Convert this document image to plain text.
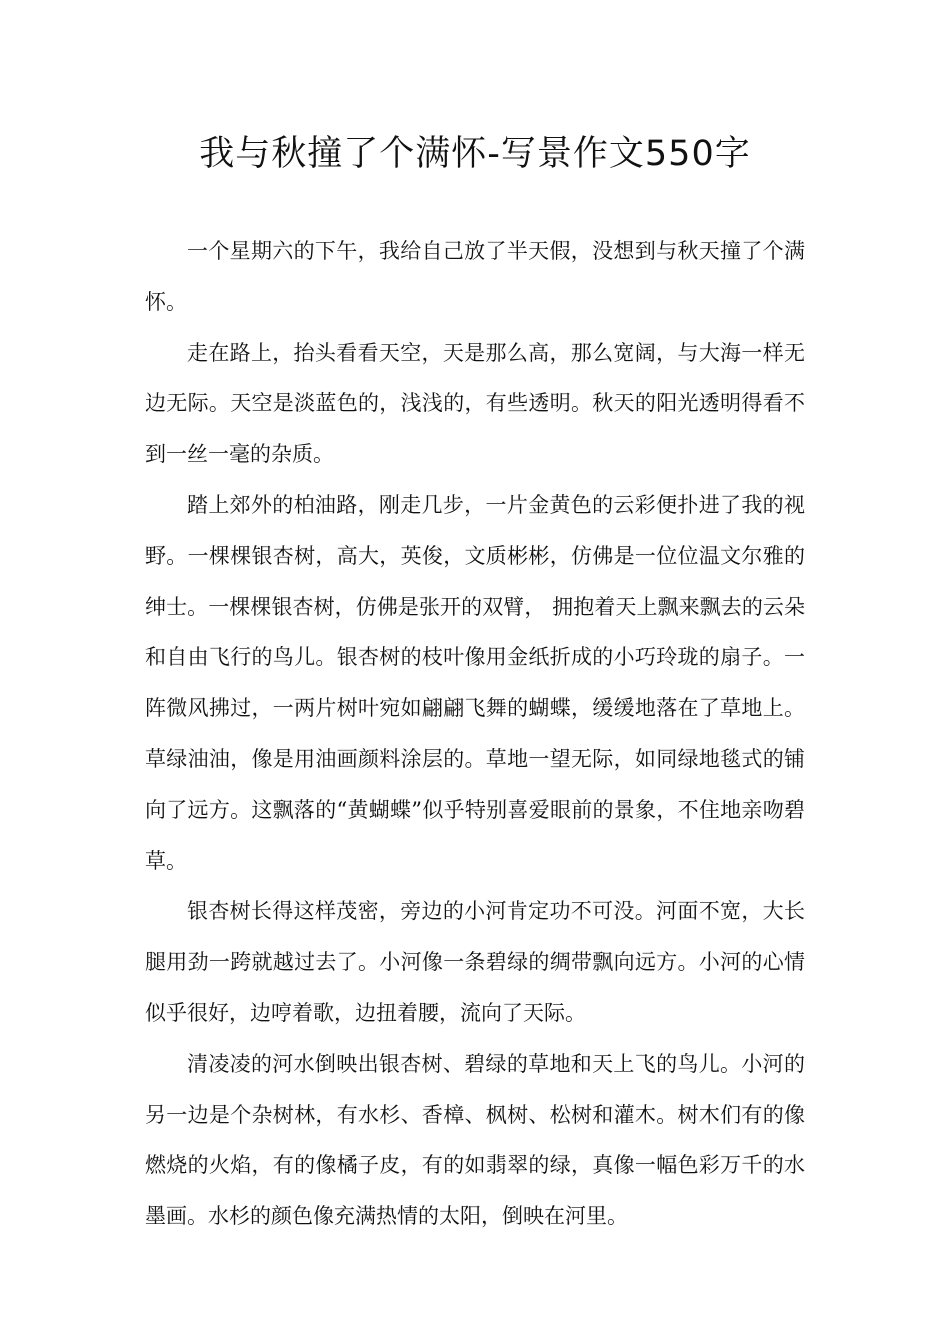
我与秋撞了个满怀-写景作文550字

一个星期六的下午，我给自己放了半天假，没想到与秋天撞了个满怀。

走在路上，抬头看看天空，天是那么高，那么宽阔，与大海一样无边无际。天空是淡蓝色的，浅浅的，有些透明。秋天的阳光透明得看不到一丝一毫的杂质。

踏上郊外的柏油路，刚走几步，一片金黄色的云彩便扑进了我的视野。一棵棵银杏树，高大，英俊，文质彬彬，仿佛是一位位温文尔雅的绅士。一棵棵银杏树，仿佛是张开的双臂， 拥抱着天上飘来飘去的云朵和自由飞行的鸟儿。银杏树的枝叶像用金纸折成的小巧玲珑的扇子。一阵微风拂过，一两片树叶宛如翩翩飞舞的蝴蝶，缓缓地落在了草地上。草绿油油，像是用油画颜料涂层的。草地一望无际，如同绿地毯式的铺向了远方。这飘落的“黄蝴蝶”似乎特别喜爱眼前的景象，不住地亲吻碧草。

银杏树长得这样茂密，旁边的小河肯定功不可没。河面不宽，大长腿用劲一跨就越过去了。小河像一条碧绿的绸带飘向远方。小河的心情似乎很好，边哼着歌，边扭着腰，流向了天际。

清凌凌的河水倒映出银杏树、碧绿的草地和天上飞的鸟儿。小河的另一边是个杂树林，有水杉、香樟、枫树、松树和灌木。树木们有的像燃烧的火焰，有的像橘子皮，有的如翡翠的绿，真像一幅色彩万千的水墨画。水杉的颜色像充满热情的太阳，倒映在河里。
